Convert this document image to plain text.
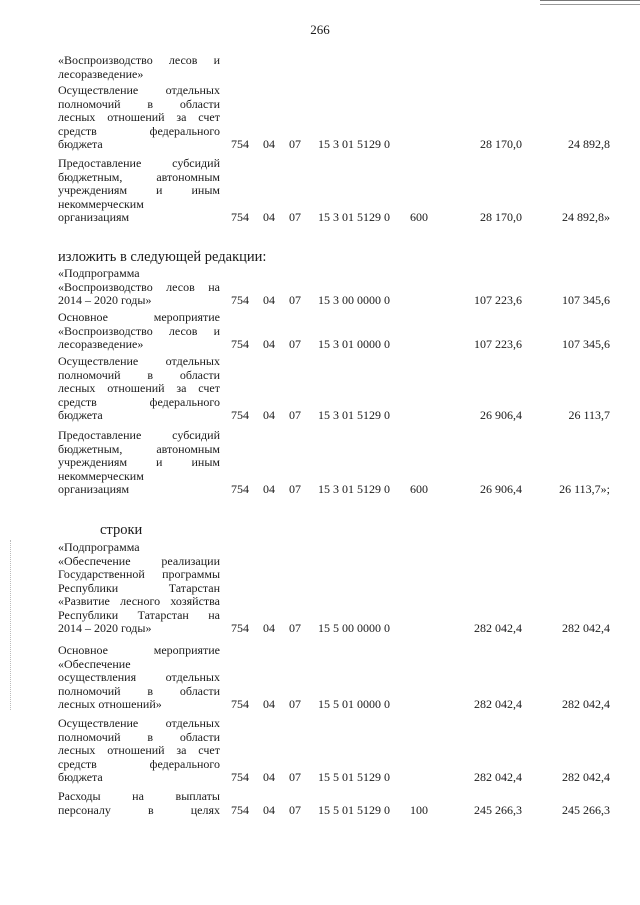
266
«Воспроизводство лесов и
лесоразведение»
Осуществление отдельных
полномочий в области
лесных отношений за счет
средств федерального
бюджета	754 04 07 15 3 01 5129 0	28 170,0	24 892,8
Предоставление субсидий
бюджетным, автономным
учреждениям и иным
некоммерческим
организациям	754 04 07 15 3 01 5129 0 600	28 170,0	24 892,8»
изложить в следующей редакции:
«Подпрограмма
«Воспроизводство лесов на
2014 – 2020 годы»	754 04 07 15 3 00 0000 0	107 223,6	107 345,6
Основное мероприятие
«Воспроизводство лесов и
лесоразведение»	754 04 07 15 3 01 0000 0	107 223,6	107 345,6
Осуществление отдельных
полномочий в области
лесных отношений за счет
средств федерального
бюджета	754 04 07 15 3 01 5129 0	26 906,4	26 113,7
Предоставление субсидий
бюджетным, автономным
учреждениям и иным
некоммерческим
организациям	754 04 07 15 3 01 5129 0 600	26 906,4	26 113,7»;
строки
«Подпрограмма
«Обеспечение реализации
Государственной программы
Республики Татарстан
«Развитие лесного хозяйства
Республики Татарстан на
2014 – 2020 годы»	754 04 07 15 5 00 0000 0	282 042,4	282 042,4
Основное мероприятие
«Обеспечение
осуществления отдельных
полномочий в области
лесных отношений»	754 04 07 15 5 01 0000 0	282 042,4	282 042,4
Осуществление отдельных
полномочий в области
лесных отношений за счет
средств федерального
бюджета	754 04 07 15 5 01 5129 0	282 042,4	282 042,4
Расходы на выплаты
персоналу в целях 754 04 07 15 5 01 5129 0 100	245 266,3	245 266,3
